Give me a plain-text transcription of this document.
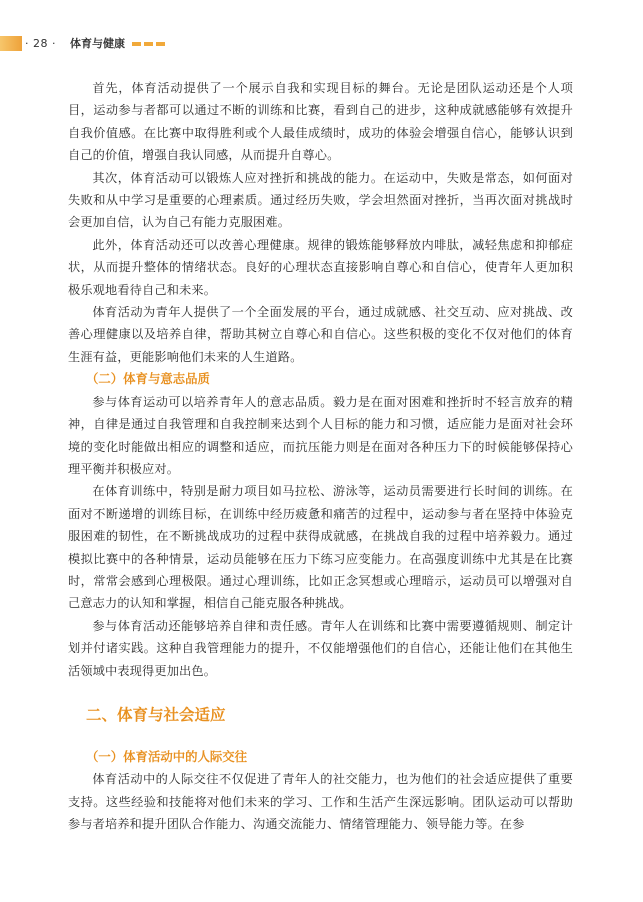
· 28 · 体育与健康

首先，体育活动提供了一个展示自我和实现目标的舞台。无论是团队运动还是个人项目，运动参与者都可以通过不断的训练和比赛，看到自己的进步，这种成就感能够有效提升自我价值感。在比赛中取得胜利或个人最佳成绩时，成功的体验会增强自信心，能够认识到自己的价值，增强自我认同感，从而提升自尊心。

其次，体育活动可以锻炼人应对挫折和挑战的能力。在运动中，失败是常态，如何面对失败和从中学习是重要的心理素质。通过经历失败，学会坦然面对挫折，当再次面对挑战时会更加自信，认为自己有能力克服困难。

此外，体育活动还可以改善心理健康。规律的锻炼能够释放内啡肽，减轻焦虑和抑郁症状，从而提升整体的情绪状态。良好的心理状态直接影响自尊心和自信心，使青年人更加积极乐观地看待自己和未来。

体育活动为青年人提供了一个全面发展的平台，通过成就感、社交互动、应对挑战、改善心理健康以及培养自律，帮助其树立自尊心和自信心。这些积极的变化不仅对他们的体育生涯有益，更能影响他们未来的人生道路。

（二）体育与意志品质

参与体育运动可以培养青年人的意志品质。毅力是在面对困难和挫折时不轻言放弃的精神，自律是通过自我管理和自我控制来达到个人目标的能力和习惯，适应能力是面对社会环境的变化时能做出相应的调整和适应，而抗压能力则是在面对各种压力下的时候能够保持心理平衡并积极应对。

在体育训练中，特别是耐力项目如马拉松、游泳等，运动员需要进行长时间的训练。在面对不断递增的训练目标，在训练中经历疲惫和痛苦的过程中，运动参与者在坚持中体验克服困难的韧性，在不断挑战成功的过程中获得成就感，在挑战自我的过程中培养毅力。通过模拟比赛中的各种情景，运动员能够在压力下练习应变能力。在高强度训练中尤其是在比赛时，常常会感到心理极限。通过心理训练，比如正念冥想或心理暗示，运动员可以增强对自己意志力的认知和掌握，相信自己能克服各种挑战。

参与体育活动还能够培养自律和责任感。青年人在训练和比赛中需要遵循规则、制定计划并付诸实践。这种自我管理能力的提升，不仅能增强他们的自信心，还能让他们在其他生活领域中表现得更加出色。

二、体育与社会适应
（一）体育活动中的人际交往

体育活动中的人际交往不仅促进了青年人的社交能力，也为他们的社会适应提供了重要支持。这些经验和技能将对他们未来的学习、工作和生活产生深远影响。团队运动可以帮助参与者培养和提升团队合作能力、沟通交流能力、情绪管理能力、领导能力等。在参
